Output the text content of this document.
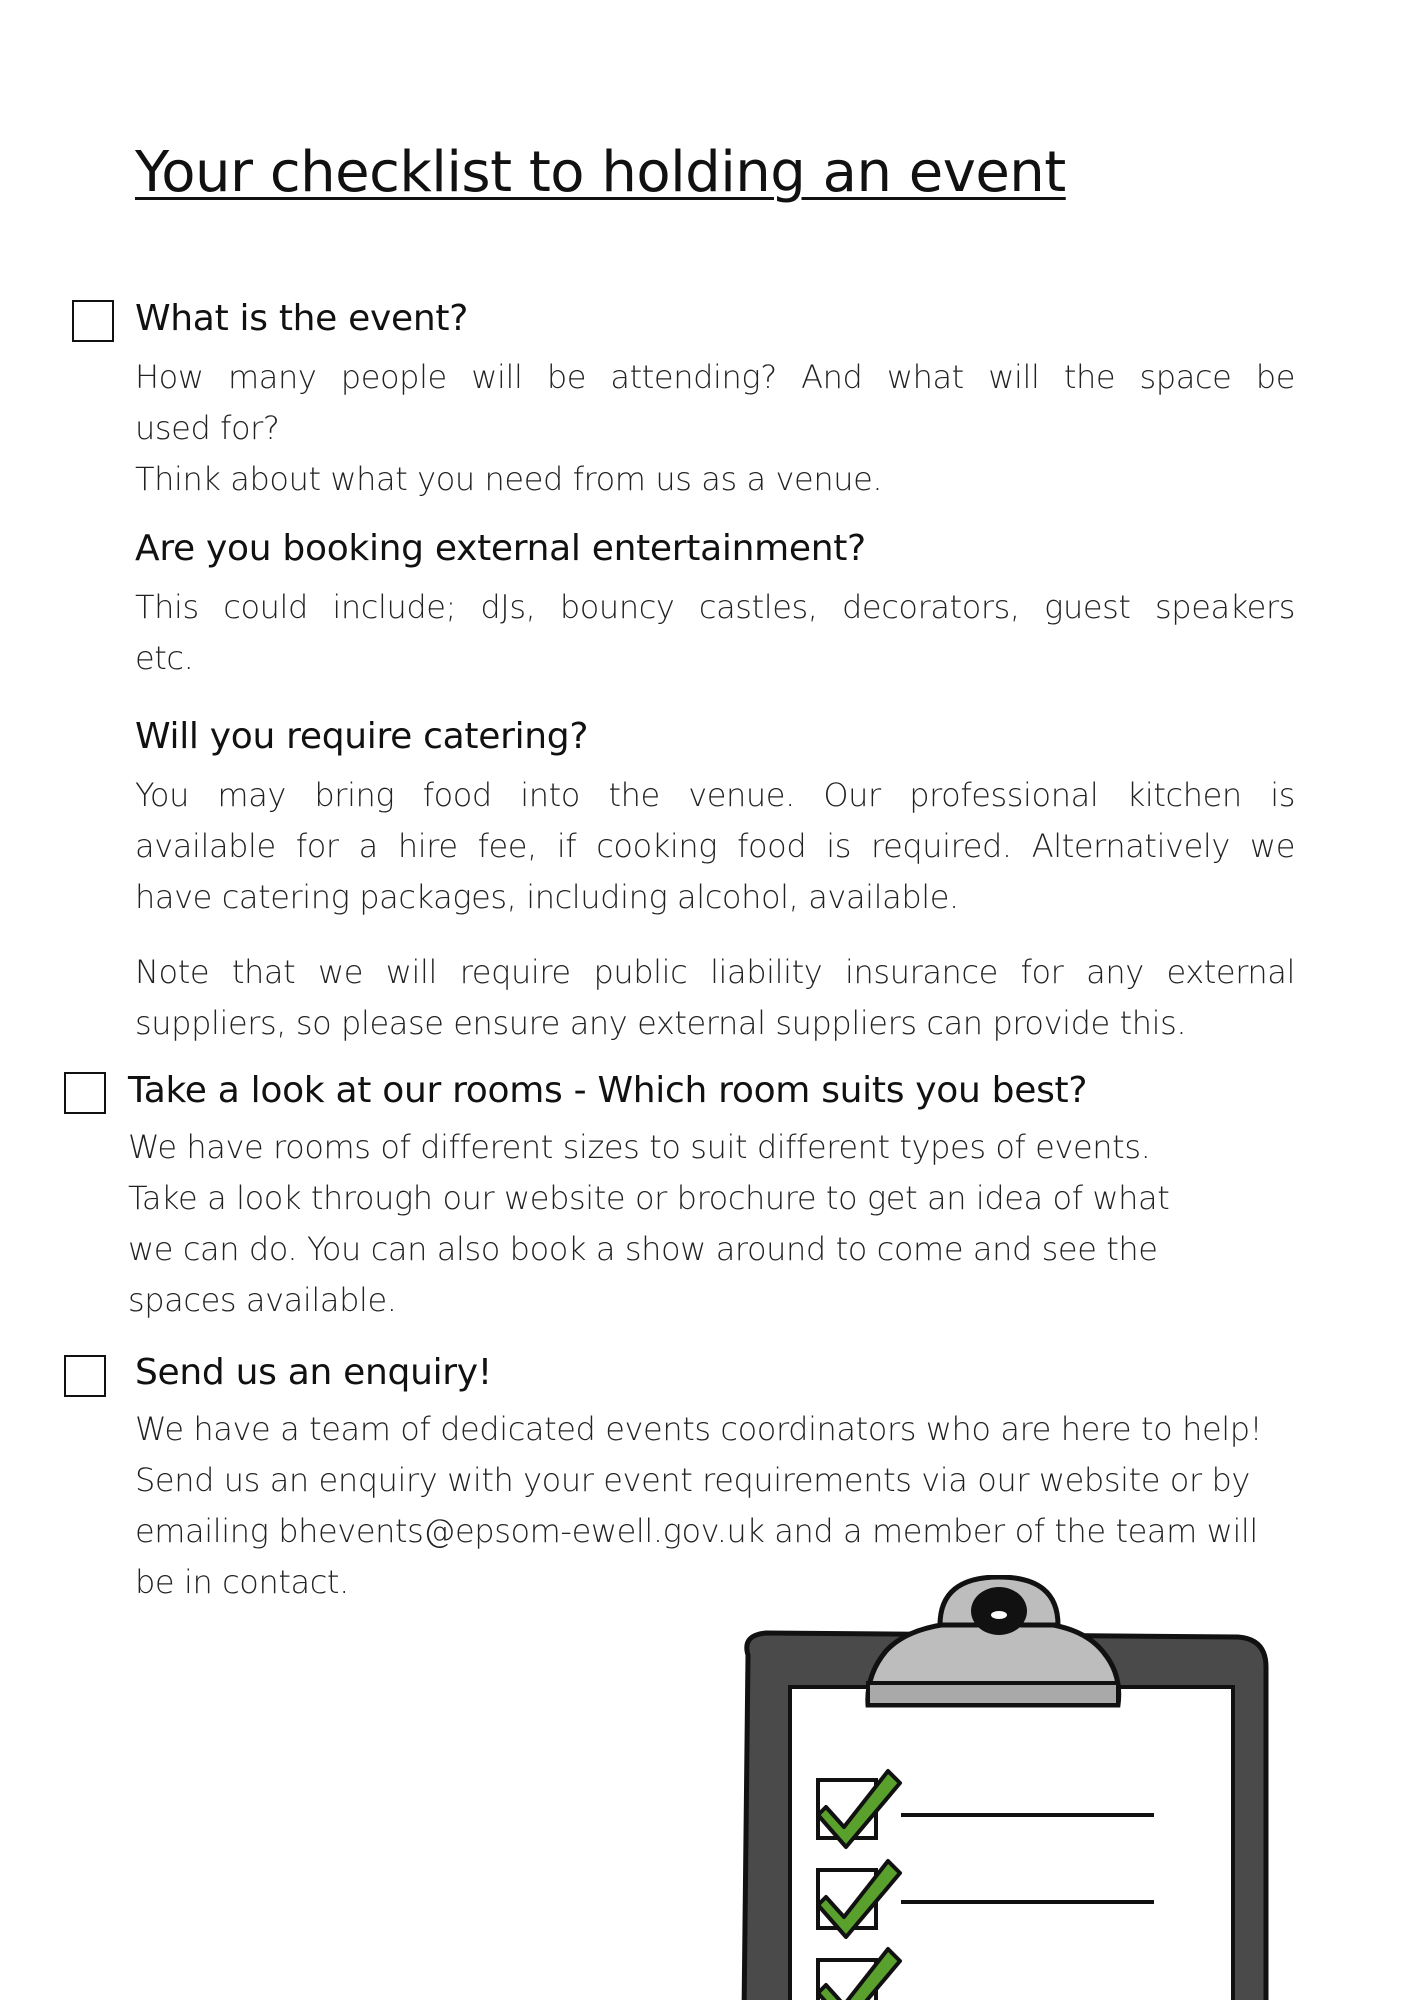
Your checklist to holding an event
What is the event?
How many people will be attending? And what will the space be
used for?
Think about what you need from us as a venue.
Are you booking external entertainment?
This could include; dJs, bouncy castles, decorators, guest speakers
etc.
Will you require catering?
You may bring food into the venue. Our professional kitchen is
available for a hire fee, if cooking food is required. Alternatively we
have catering packages, including alcohol, available.
Note that we will require public liability insurance for any external
suppliers, so please ensure any external suppliers can provide this.
Take a look at our rooms - Which room suits you best?
We have rooms of different sizes to suit different types of events.
Take a look through our website or brochure to get an idea of what
we can do. You can also book a show around to come and see the
spaces available.
Send us an enquiry!
We have a team of dedicated events coordinators who are here to help!
Send us an enquiry with your event requirements via our website or by
emailing bhevents@epsom-ewell.gov.uk and a member of the team will
be in contact.
